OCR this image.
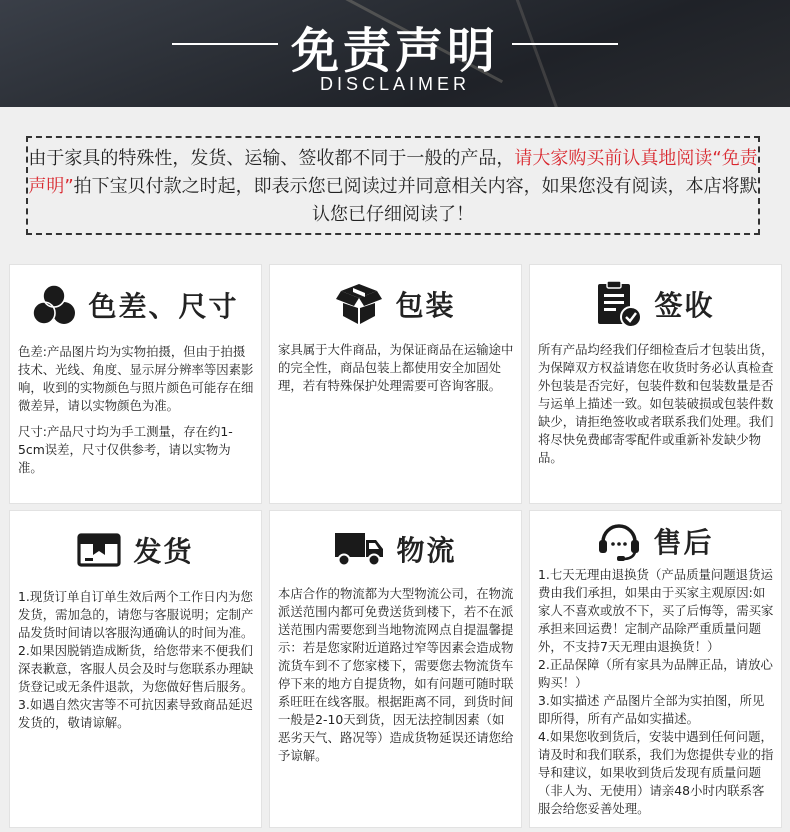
免责声明
DISCLAIMER
由于家具的特殊性，发货、运输、签收都不同于一般的产品，请大家购买前认真地阅读“免责声明”拍下宝贝付款之时起，即表示您已阅读过并同意相关内容，如果您没有阅读，本店将默认您已仔细阅读了！
色差、尺寸

色差:产品图片均为实物拍摄，但由于拍摄技术、光线、角度、显示屏分辨率等因素影响，收到的实物颜色与照片颜色可能存在细微差异，请以实物颜色为准。

尺寸:产品尺寸均为手工测量，存在约1-5cm误差，尺寸仅供参考，请以实物为准。

包装

家具属于大件商品，为保证商品在运输途中的完全性，商品包装上都使用安全加固处理，若有特殊保护处理需要可咨询客服。

签收

所有产品均经我们仔细检查后才包装出货，为保障双方权益请您在收货时务必认真检查外包装是否完好，包装件数和包装数量是否与运单上描述一致。如包装破损或包装件数缺少，请拒绝签收或者联系我们处理。我们将尽快免费邮寄零配件或重新补发缺少物品。

发货

1.现货订单自订单生效后两个工作日内为您发货，需加急的，请您与客服说明；定制产品发货时间请以客服沟通确认的时间为准。

2.如果因脱销造成断货，给您带来不便我们深表歉意，客服人员会及时与您联系办理缺货登记或无条件退款，为您做好售后服务。

3.如遇自然灾害等不可抗因素导致商品延迟发货的，敬请谅解。

物流

本店合作的物流都为大型物流公司，在物流派送范围内都可免费送货到楼下，若不在派送范围内需要您到当地物流网点自提温馨提示：若是您家附近道路过窄等因素会造成物流货车到不了您家楼下，需要您去物流货车停下来的地方自提货物，如有问题可随时联系旺旺在线客服。根据距离不同，到货时间一般是2-10天到货，因无法控制因素（如恶劣天气、路况等）造成货物延误还请您给予谅解。

售后

1.七天无理由退换货（产品质量问题退货运费由我们承担，如果由于买家主观原因:如家人不喜欢或放不下，买了后悔等，需买家承担来回运费！定制产品除严重质量问题外，不支持7天无理由退换货！）

2.正品保障（所有家具为品牌正品，请放心购买！）

3.如实描述 产品图片全部为实拍图，所见即所得，所有产品如实描述。

4.如果您收到货后，安装中遇到任何问题，请及时和我们联系，我们为您提供专业的指导和建议，如果收到货后发现有质量问题（非人为、无使用）请亲48小时内联系客服会给您妥善处理。
